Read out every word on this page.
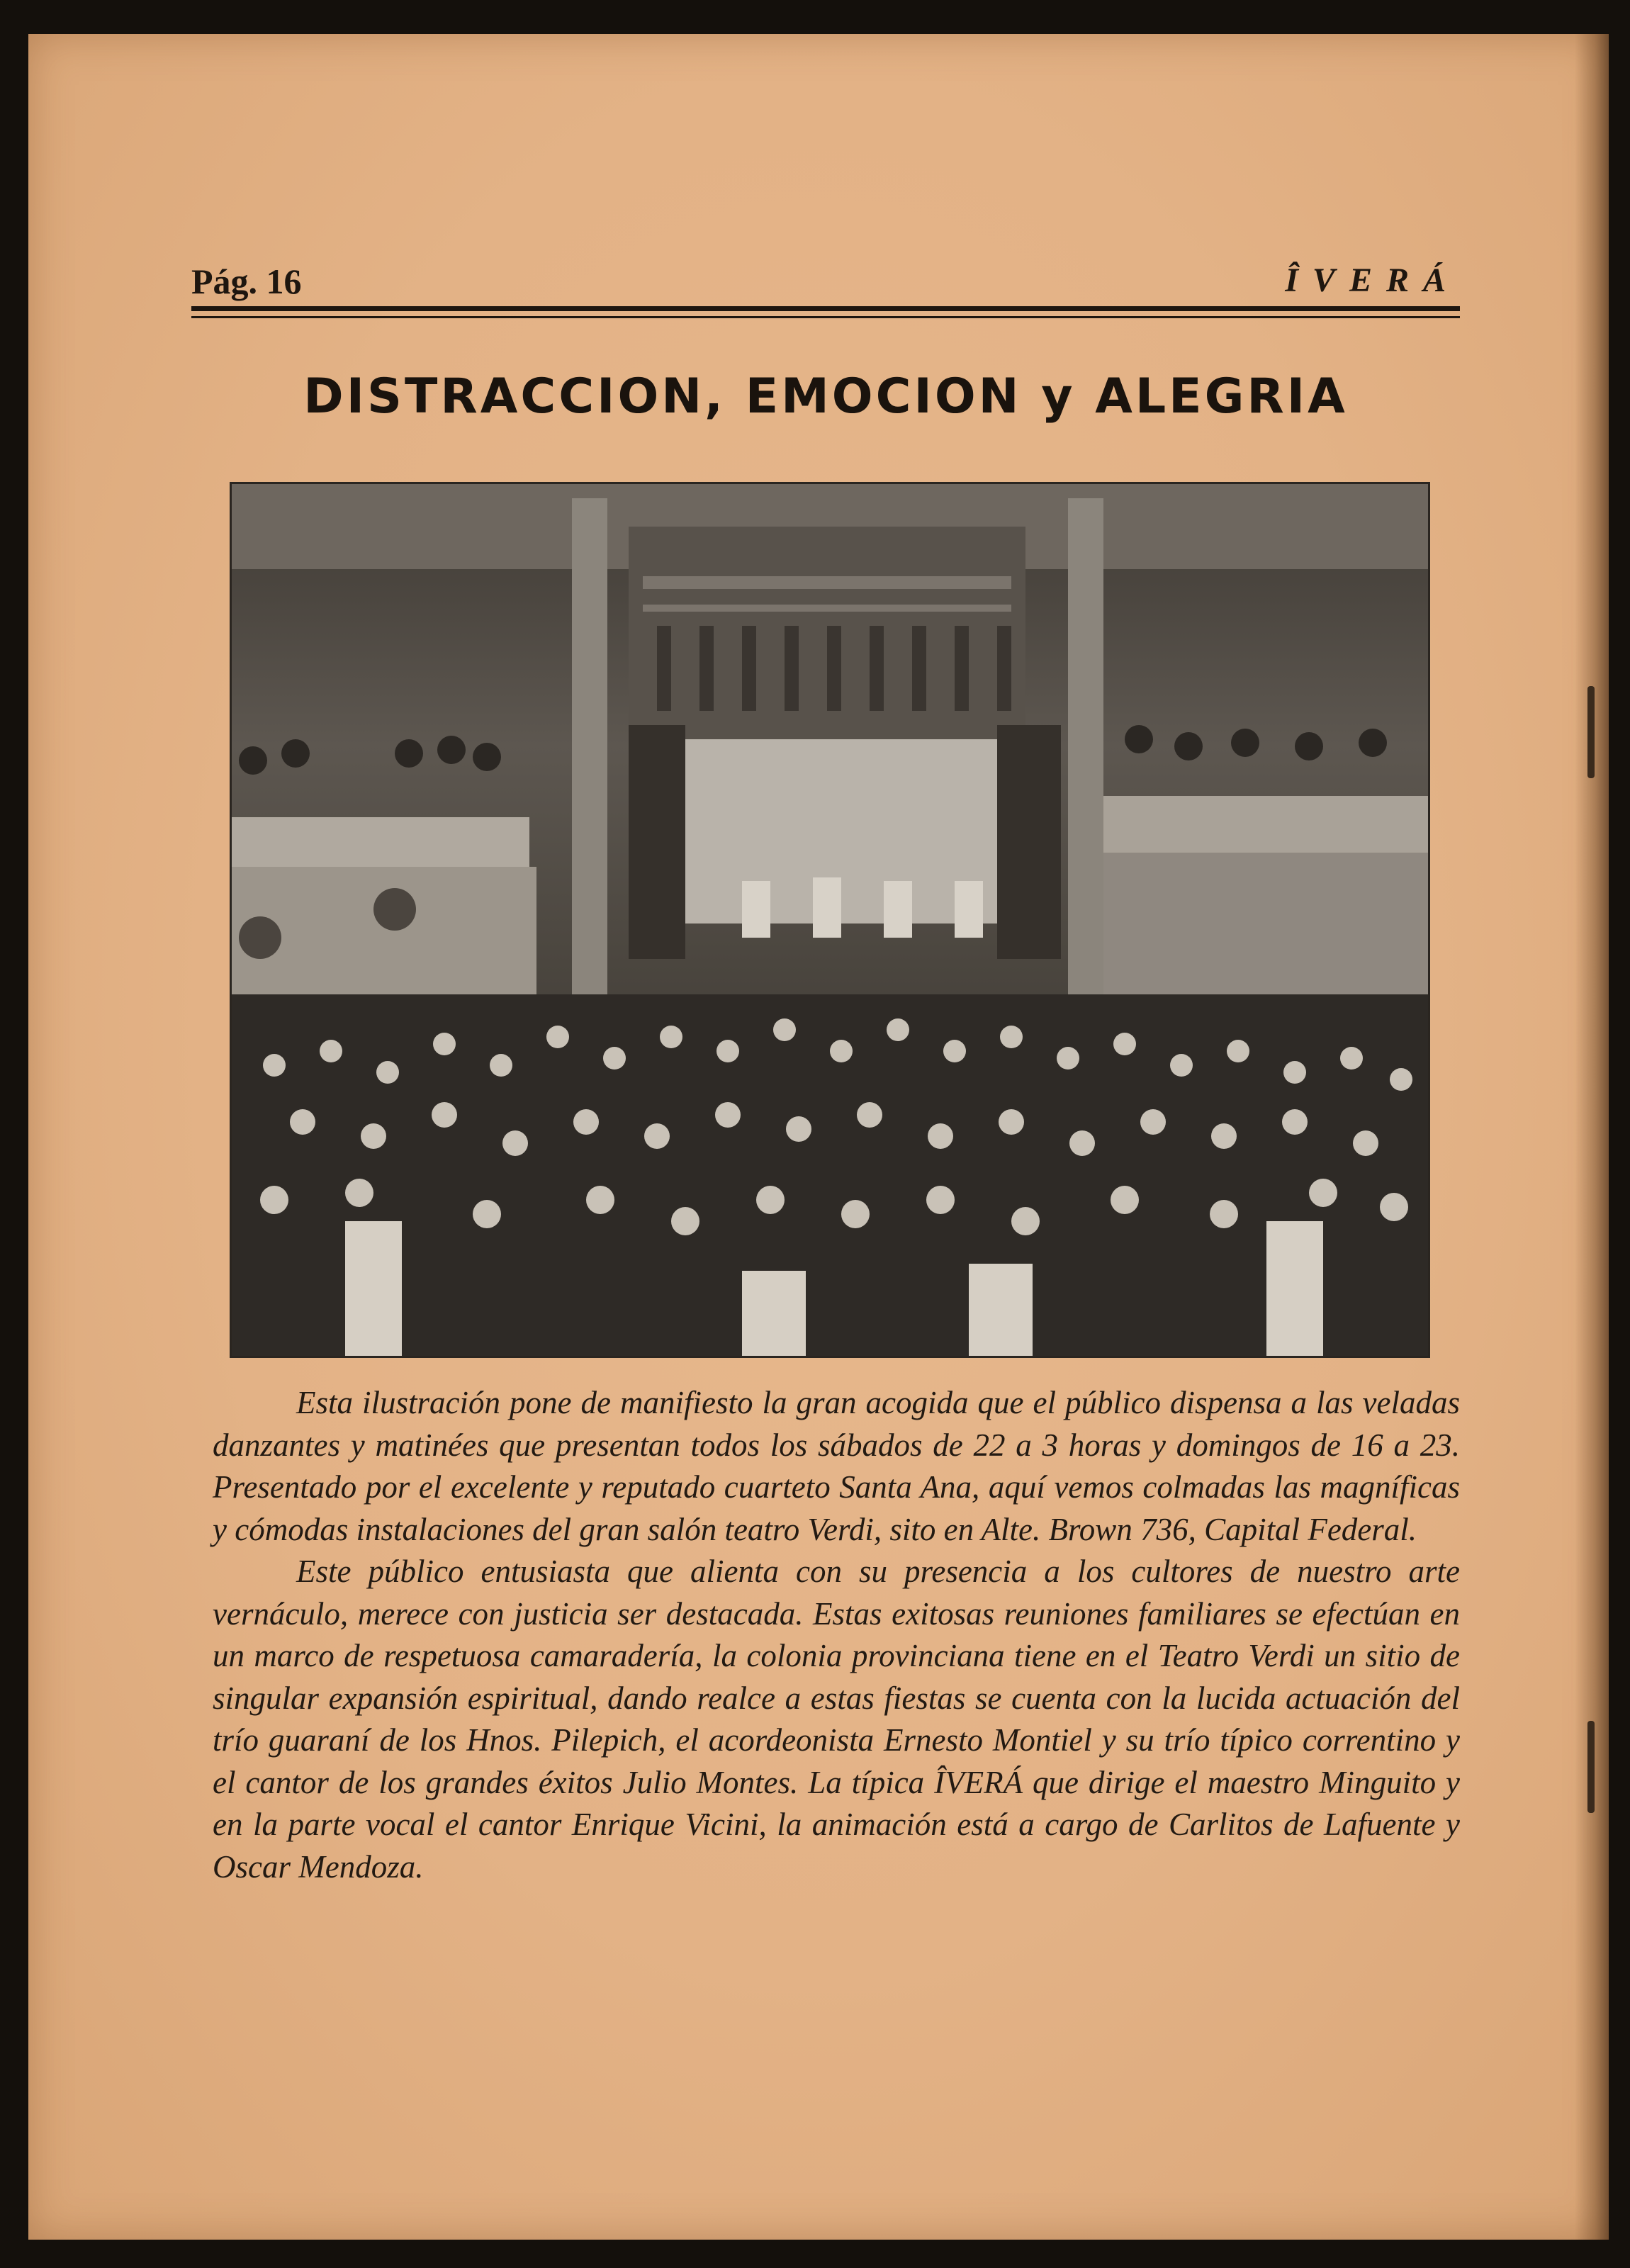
Pág. 16	ÎVERÁ
DISTRACCION, EMOCION y ALEGRIA

Esta ilustración pone de manifiesto la gran acogida que el público dispensa a las veladas danzantes y matinées que presentan todos los sábados de 22 a 3 horas y domingos de 16 a 23. Presentado por el excelente y reputado cuarteto Santa Ana, aquí vemos colmadas las magníficas y cómodas instalaciones del gran salón teatro Verdi, sito en Alte. Brown 736, Capital Federal.

Este público entusiasta que alienta con su presencia a los cultores de nuestro arte vernáculo, merece con justicia ser destacada. Estas exitosas reuniones familiares se efectúan en un marco de respetuosa camaradería, la colonia provinciana tiene en el Teatro Verdi un sitio de singular expansión espiritual, dando realce a estas fiestas se cuenta con la lucida actuación del trío guaraní de los Hnos. Pilepich, el acordeonista Ernesto Montiel y su trío típico correntino y el cantor de los grandes éxitos Julio Montes. La típica ÎVERÁ que dirige el maestro Minguito y en la parte vocal el cantor Enrique Vicini, la animación está a cargo de Carlitos de Lafuente y Oscar Mendoza.
